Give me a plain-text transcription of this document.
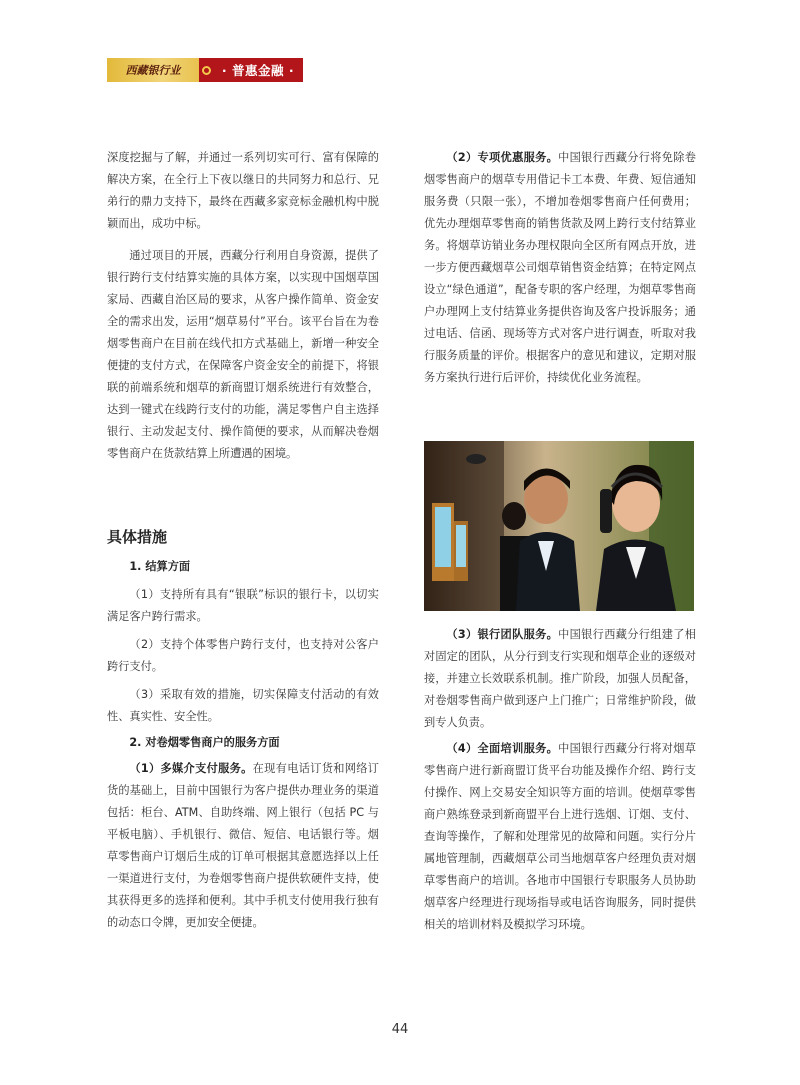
西藏银行业	· 普惠金融 ·

深度挖掘与了解，并通过一系列切实可行、富有保障的解决方案，在全行上下夜以继日的共同努力和总行、兄弟行的鼎力支持下，最终在西藏多家竞标金融机构中脱颖而出，成功中标。

通过项目的开展，西藏分行利用自身资源，提供了银行跨行支付结算实施的具体方案，以实现中国烟草国家局、西藏自治区局的要求，从客户操作简单、资金安全的需求出发，运用“烟草易付”平台。该平台旨在为卷烟零售商户在目前在线代扣方式基础上，新增一种安全便捷的支付方式，在保障客户资金安全的前提下，将银联的前端系统和烟草的新商盟订烟系统进行有效整合，达到一键式在线跨行支付的功能，满足零售户自主选择银行、主动发起支付、操作简便的要求，从而解决卷烟零售商户在货款结算上所遭遇的困境。

具体措施

1. 结算方面

（1）支持所有具有“银联”标识的银行卡，以切实满足客户跨行需求。

（2）支持个体零售户跨行支付，也支持对公客户跨行支付。

（3）采取有效的措施，切实保障支付活动的有效性、真实性、安全性。

2. 对卷烟零售商户的服务方面

（1）多媒介支付服务。在现有电话订货和网络订货的基础上，目前中国银行为客户提供办理业务的渠道包括：柜台、ATM、自助终端、网上银行（包括 PC 与平板电脑）、手机银行、微信、短信、电话银行等。烟草零售商户订烟后生成的订单可根据其意愿选择以上任一渠道进行支付，为卷烟零售商户提供软硬件支持，使其获得更多的选择和便利。其中手机支付使用我行独有的动态口令牌，更加安全便捷。

（2）专项优惠服务。中国银行西藏分行将免除卷烟零售商户的烟草专用借记卡工本费、年费、短信通知服务费（只限一张），不增加卷烟零售商户任何费用；优先办理烟草零售商的销售货款及网上跨行支付结算业务。将烟草访销业务办理权限向全区所有网点开放，进一步方便西藏烟草公司烟草销售资金结算；在特定网点设立“绿色通道”，配备专职的客户经理，为烟草零售商户办理网上支付结算业务提供咨询及客户投诉服务；通过电话、信函、现场等方式对客户进行调查，听取对我行服务质量的评价。根据客户的意见和建议，定期对服务方案执行进行后评价，持续优化业务流程。

（3）银行团队服务。中国银行西藏分行组建了相对固定的团队，从分行到支行实现和烟草企业的逐级对接，并建立长效联系机制。推广阶段，加强人员配备，对卷烟零售商户做到逐户上门推广；日常维护阶段，做到专人负责。

（4）全面培训服务。中国银行西藏分行将对烟草零售商户进行新商盟订货平台功能及操作介绍、跨行支付操作、网上交易安全知识等方面的培训。使烟草零售商户熟练登录到新商盟平台上进行选烟、订烟、支付、查询等操作，了解和处理常见的故障和问题。实行分片属地管理制，西藏烟草公司当地烟草客户经理负责对烟草零售商户的培训。各地市中国银行专职服务人员协助烟草客户经理进行现场指导或电话咨询服务，同时提供相关的培训材料及模拟学习环境。

44
